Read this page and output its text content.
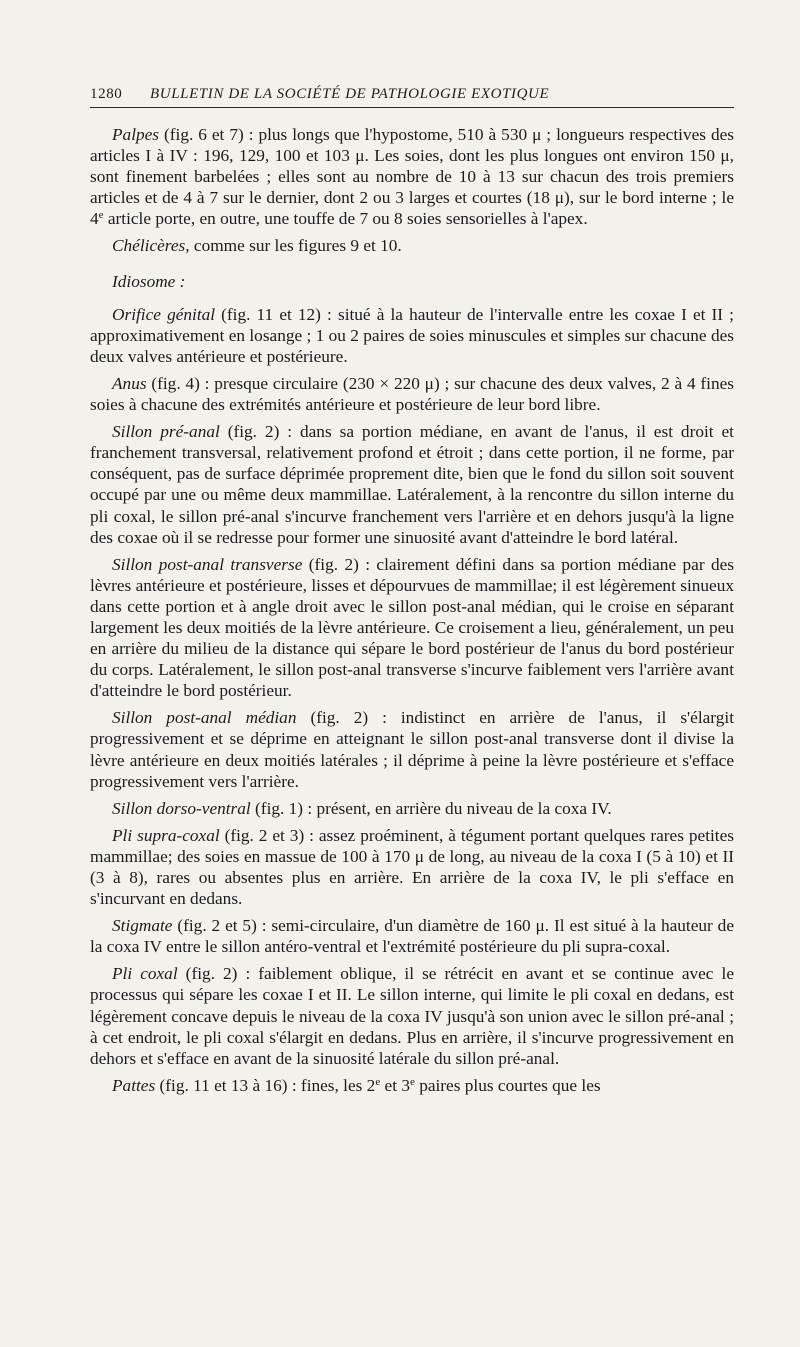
1280	BULLETIN DE LA SOCIÉTÉ DE PATHOLOGIE EXOTIQUE

Palpes (fig. 6 et 7) : plus longs que l'hypostome, 510 à 530 μ ; longueurs respectives des articles I à IV : 196, 129, 100 et 103 μ. Les soies, dont les plus longues ont environ 150 μ, sont finement barbelées ; elles sont au nombre de 10 à 13 sur chacun des trois premiers articles et de 4 à 7 sur le dernier, dont 2 ou 3 larges et courtes (18 μ), sur le bord interne ; le 4e article porte, en outre, une touffe de 7 ou 8 soies sensorielles à l'apex.

Chélicères, comme sur les figures 9 et 10.

Idiosome :

Orifice génital (fig. 11 et 12) : situé à la hauteur de l'intervalle entre les coxae I et II ; approximativement en losange ; 1 ou 2 paires de soies minuscules et simples sur chacune des deux valves antérieure et postérieure.

Anus (fig. 4) : presque circulaire (230 × 220 μ) ; sur chacune des deux valves, 2 à 4 fines soies à chacune des extrémités antérieure et postérieure de leur bord libre.

Sillon pré-anal (fig. 2) : dans sa portion médiane, en avant de l'anus, il est droit et franchement transversal, relativement profond et étroit ; dans cette portion, il ne forme, par conséquent, pas de surface déprimée proprement dite, bien que le fond du sillon soit souvent occupé par une ou même deux mammillae. Latéralement, à la rencontre du sillon interne du pli coxal, le sillon pré-anal s'incurve franchement vers l'arrière et en dehors jusqu'à la ligne des coxae où il se redresse pour former une sinuosité avant d'atteindre le bord latéral.

Sillon post-anal transverse (fig. 2) : clairement défini dans sa portion médiane par des lèvres antérieure et postérieure, lisses et dépourvues de mammillae; il est légèrement sinueux dans cette portion et à angle droit avec le sillon post-anal médian, qui le croise en séparant largement les deux moitiés de la lèvre antérieure. Ce croisement a lieu, généralement, un peu en arrière du milieu de la distance qui sépare le bord postérieur de l'anus du bord postérieur du corps. Latéralement, le sillon post-anal transverse s'incurve faiblement vers l'arrière avant d'atteindre le bord postérieur.

Sillon post-anal médian (fig. 2) : indistinct en arrière de l'anus, il s'élargit progressivement et se déprime en atteignant le sillon post-anal transverse dont il divise la lèvre antérieure en deux moitiés latérales ; il déprime à peine la lèvre postérieure et s'efface progressivement vers l'arrière.

Sillon dorso-ventral (fig. 1) : présent, en arrière du niveau de la coxa IV.

Pli supra-coxal (fig. 2 et 3) : assez proéminent, à tégument portant quelques rares petites mammillae; des soies en massue de 100 à 170 μ de long, au niveau de la coxa I (5 à 10) et II (3 à 8), rares ou absentes plus en arrière. En arrière de la coxa IV, le pli s'efface en s'incurvant en dedans.

Stigmate (fig. 2 et 5) : semi-circulaire, d'un diamètre de 160 μ. Il est situé à la hauteur de la coxa IV entre le sillon antéro-ventral et l'extrémité postérieure du pli supra-coxal.

Pli coxal (fig. 2) : faiblement oblique, il se rétrécit en avant et se continue avec le processus qui sépare les coxae I et II. Le sillon interne, qui limite le pli coxal en dedans, est légèrement concave depuis le niveau de la coxa IV jusqu'à son union avec le sillon pré-anal ; à cet endroit, le pli coxal s'élargit en dedans. Plus en arrière, il s'incurve progressivement en dehors et s'efface en avant de la sinuosité latérale du sillon pré-anal.

Pattes (fig. 11 et 13 à 16) : fines, les 2e et 3e paires plus courtes que les
